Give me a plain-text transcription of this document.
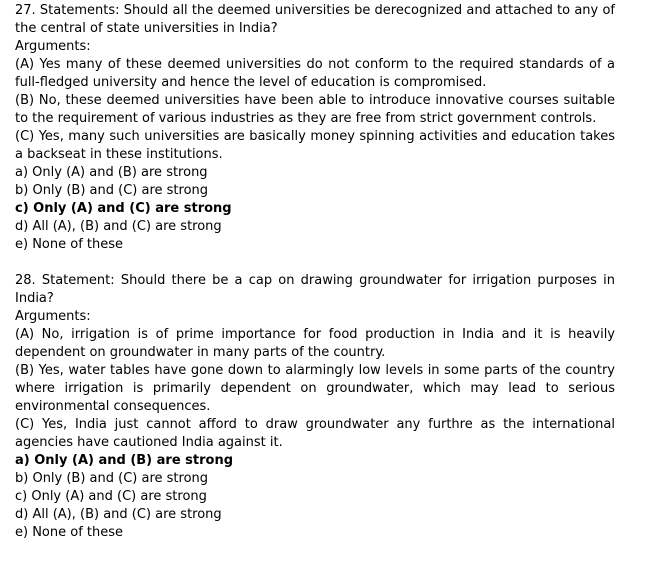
27. Statements: Should all the deemed universities be derecognized and attached to any of the central of state universities in India?

Arguments:

(A) Yes many of these deemed universities do not conform to the required standards of a full-fledged university and hence the level of education is compromised.

(B) No, these deemed universities have been able to introduce innovative courses suitable to the requirement of various industries as they are free from strict government controls.

(C) Yes, many such universities are basically money spinning activities and education takes a backseat in these institutions.

a) Only (A) and (B) are strong
b) Only (B) and (C) are strong
c) Only (A) and (C) are strong
d) All (A), (B) and (C) are strong
e) None of these

28. Statement: Should there be a cap on drawing groundwater for irrigation purposes in India?

Arguments:

(A) No, irrigation is of prime importance for food production in India and it is heavily dependent on groundwater in many parts of the country.

(B) Yes, water tables have gone down to alarmingly low levels in some parts of the country where irrigation is primarily dependent on groundwater, which may lead to serious environmental consequences.

(C) Yes, India just cannot afford to draw groundwater any furthre as the international agencies have cautioned India against it.

a) Only (A) and (B) are strong
b) Only (B) and (C) are strong
c) Only (A) and (C) are strong
d) All (A), (B) and (C) are strong
e) None of these
